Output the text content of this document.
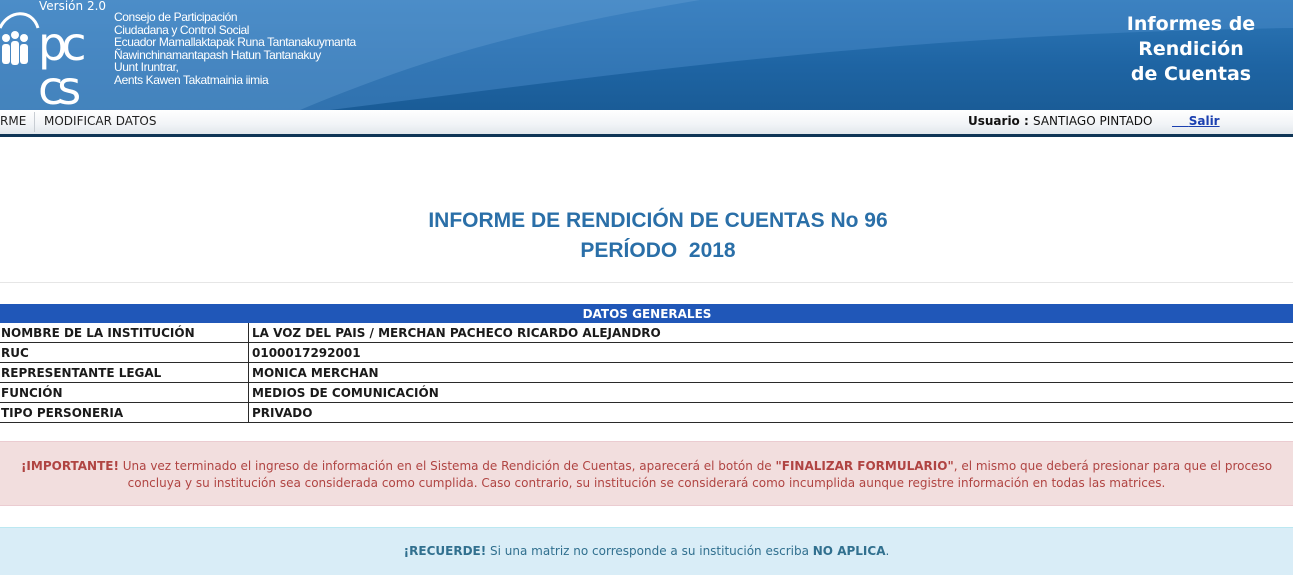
pc
cs
Versión 2.0
Consejo de Participación
Ciudadana y Control Social
Ecuador Mamallaktapak Runa Tantanakuymanta
Ñawinchinamantapash Hatun Tantanakuy
Uunt Iruntrar,
Aents Kawen Takatmainia iimia
Informes de
Rendición
de Cuentas
RME MODIFICAR DATOS	Usuario : SANTIAGO PINTADO	Salir
INFORME DE RENDICIÓN DE CUENTAS No 96
PERÍODO  2018
DATOS GENERALES	
NOMBRE DE LA INSTITUCIÓN	LA VOZ DEL PAIS / MERCHAN PACHECO RICARDO ALEJANDRO
RUC	0100017292001
REPRESENTANTE LEGAL	MONICA MERCHAN
FUNCIÓN	MEDIOS DE COMUNICACIÓN
TIPO PERSONERIA	PRIVADO
¡IMPORTANTE! Una vez terminado el ingreso de información en el Sistema de Rendición de Cuentas, aparecerá el botón de "FINALIZAR FORMULARIO", el mismo que deberá presionar para que el proceso concluya y su institución sea considerada como cumplida. Caso contrario, su institución se considerará como incumplida aunque registre información en todas las matrices.
¡RECUERDE! Si una matriz no corresponde a su institución escriba NO APLICA.
